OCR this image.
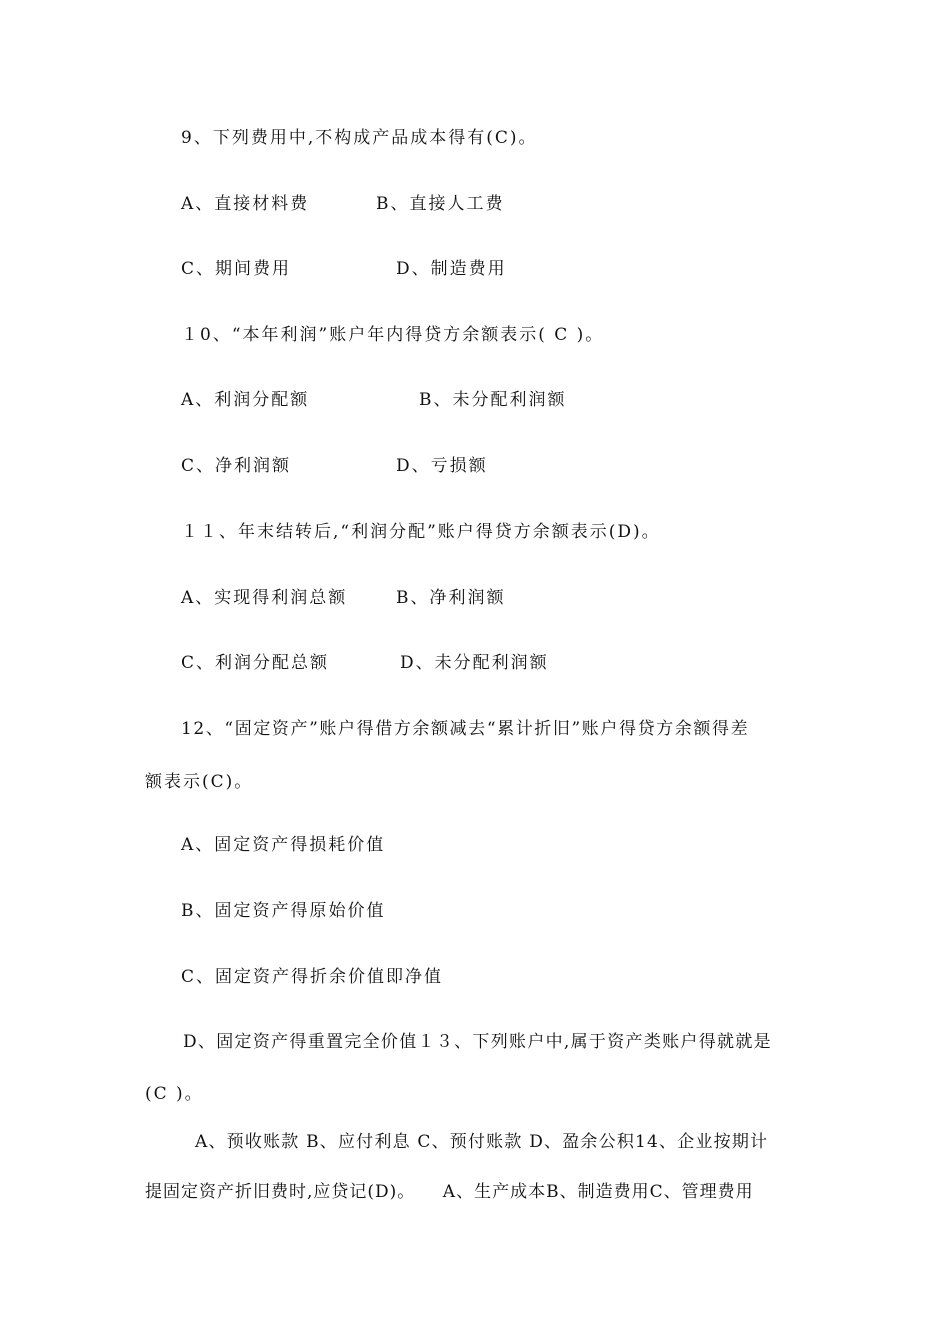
9、下列费用中,不构成产品成本得有(C)。
A、直接材料费	B、直接人工费
C、期间费用	D、制造费用
１0、“本年利润”账户年内得贷方余额表示( C )。
A、利润分配额	B、未分配利润额
C、净利润额	D、亏损额
１１、年末结转后,“利润分配”账户得贷方余额表示(D)。
A、实现得利润总额	B、净利润额
C、利润分配总额	D、未分配利润额
12、“固定资产”账户得借方余额减去“累计折旧”账户得贷方余额得差
额表示(C)。
A、固定资产得损耗价值
B、固定资产得原始价值
C、固定资产得折余价值即净值
D、固定资产得重置完全价值１３、下列账户中,属于资产类账户得就就是
(C )。
A、预收账款 B、应付利息 C、预付账款 D、盈余公积14、企业按期计
提固定资产折旧费时,应贷记(D)。　　A、生产成本B、制造费用C、管理费用
